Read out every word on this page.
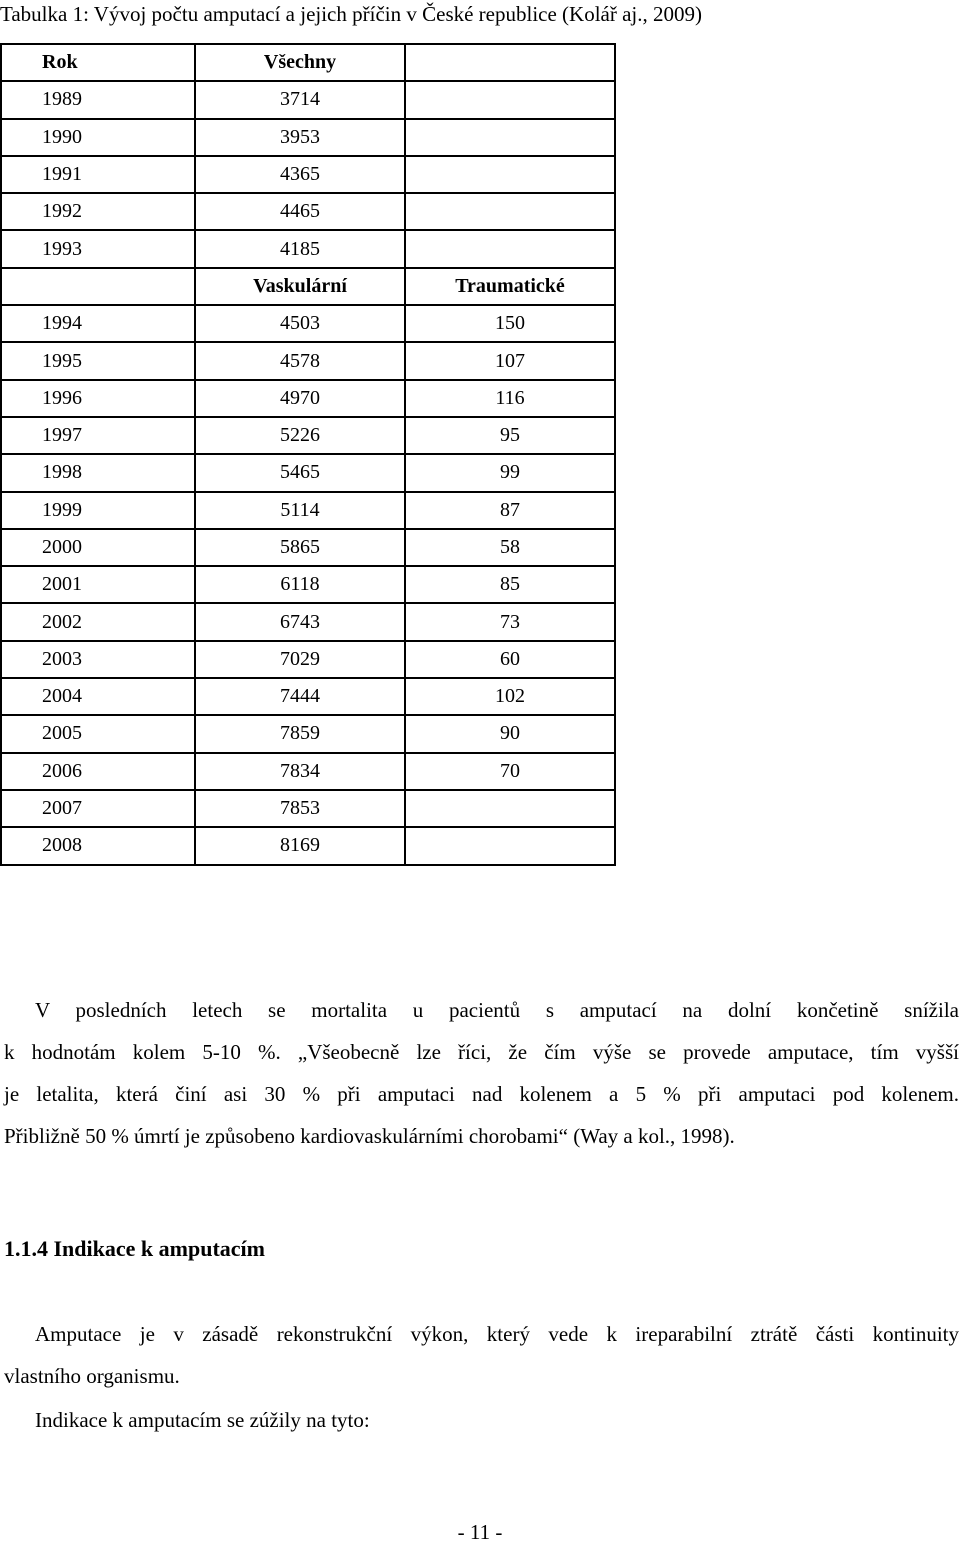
Tabulka 1: Vývoj počtu amputací a jejich příčin v České republice (Kolář aj., 2009)
Rok	Všechny	
1989	3714	
1990	3953	
1991	4365	
1992	4465	
1993	4185	
	Vaskulární	Traumatické
1994	4503	150
1995	4578	107
1996	4970	116
1997	5226	95
1998	5465	99
1999	5114	87
2000	5865	58
2001	6118	85
2002	6743	73
2003	7029	60
2004	7444	102
2005	7859	90
2006	7834	70
2007	7853	
2008	8169	
V posledních letech se mortalita u pacientů s amputací na dolní končetině snížila
k hodnotám kolem 5-10 %. „Všeobecně lze říci, že čím výše se provede amputace, tím vyšší
je letalita, která činí asi 30 % při amputaci nad kolenem a 5 % při amputaci pod kolenem.
Přibližně 50 % úmrtí je způsobeno kardiovaskulárními chorobami“ (Way a kol., 1998).
1.1.4 Indikace k amputacím
Amputace je v zásadě rekonstrukční výkon, který vede k ireparabilní ztrátě části kontinuity
vlastního organismu.
Indikace k amputacím se zúžily na tyto:
- 11 -
